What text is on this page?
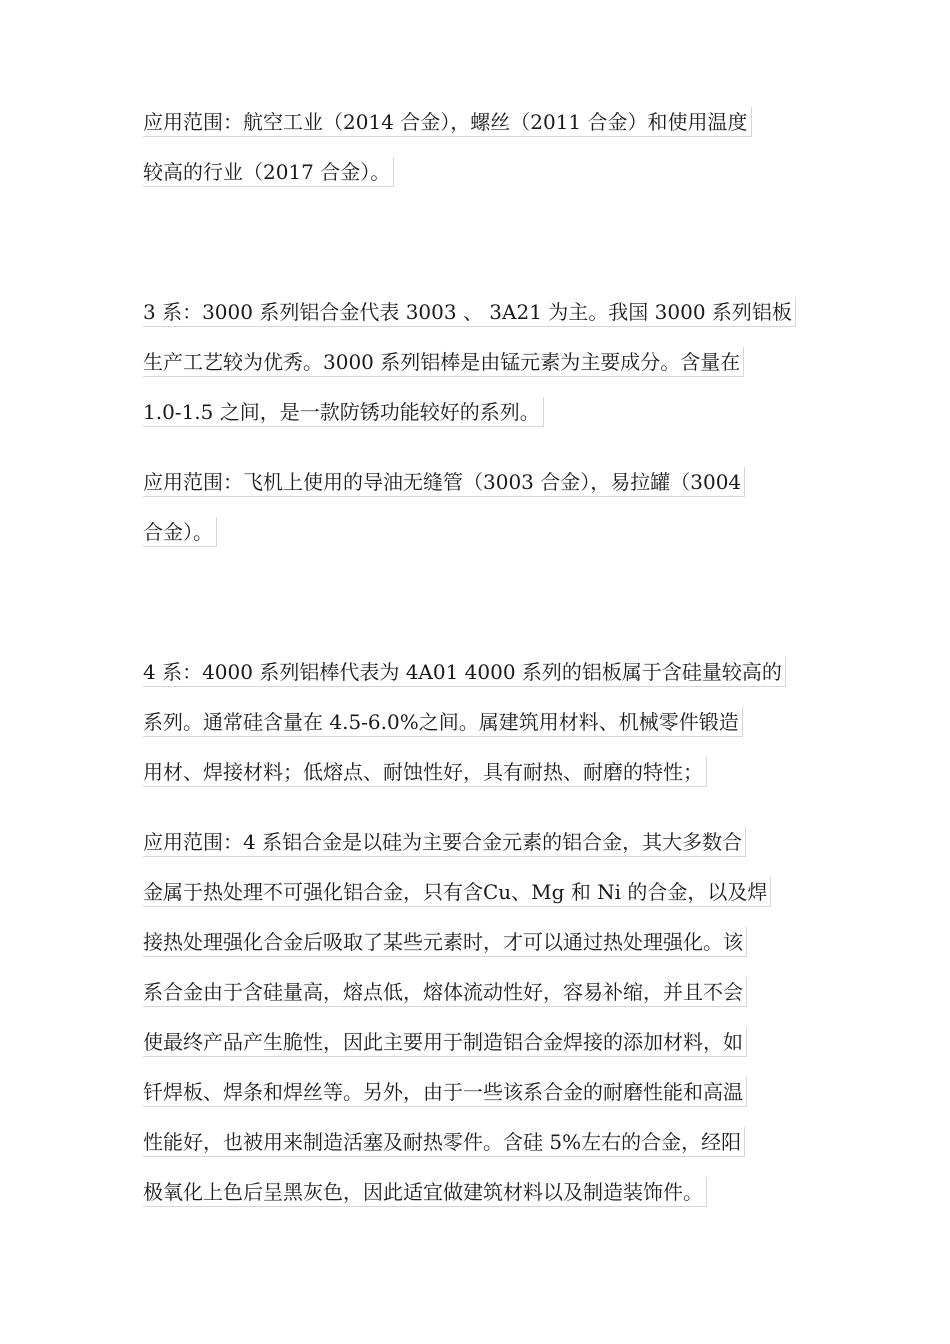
应用范围：航空工业（2014 合金），螺丝（2011 合金）和使用温度
较高的行业（2017 合金）。
3 系：3000 系列铝合金代表 3003 、 3A21 为主。我国 3000 系列铝板
生产工艺较为优秀。3000 系列铝棒是由锰元素为主要成分。含量在
1.0-1.5 之间，是一款防锈功能较好的系列。
应用范围：飞机上使用的导油无缝管（3003 合金），易拉罐（3004
合金）。
4 系：4000 系列铝棒代表为 4A01 4000 系列的铝板属于含硅量较高的
系列。通常硅含量在 4.5-6.0%之间。属建筑用材料、机械零件锻造
用材、焊接材料；低熔点、耐蚀性好，具有耐热、耐磨的特性；
应用范围：4 系铝合金是以硅为主要合金元素的铝合金，其大多数合
金属于热处理不可强化铝合金，只有含Cu、Mg 和 Ni 的合金，以及焊
接热处理强化合金后吸取了某些元素时，才可以通过热处理强化。该
系合金由于含硅量高，熔点低，熔体流动性好，容易补缩，并且不会
使最终产品产生脆性，因此主要用于制造铝合金焊接的添加材料，如
钎焊板、焊条和焊丝等。另外，由于一些该系合金的耐磨性能和高温
性能好，也被用来制造活塞及耐热零件。含硅 5%左右的合金，经阳
极氧化上色后呈黑灰色，因此适宜做建筑材料以及制造装饰件。
